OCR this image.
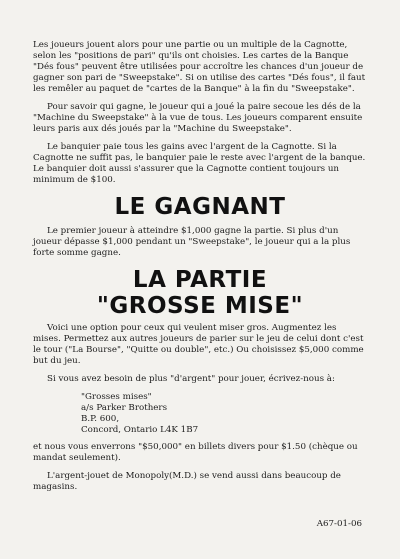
Les joueurs jouent alors pour une partie ou un multiple de la Cagnotte, selon les "positions de pari" qu'ils ont choisies. Les cartes de la Banque "Dés fous" peuvent être utilisées pour accroître les chances d'un joueur de gagner son pari de "Sweepstake". Si on utilise des cartes "Dés fous", il faut les remêler au paquet de "cartes de la Banque" à la fin du "Sweepstake".

Pour savoir qui gagne, le joueur qui a joué la paire secoue les dés de la "Machine du Sweepstake" à la vue de tous. Les joueurs comparent ensuite leurs paris aux dés joués par la "Machine du Sweepstake".

Le banquier paie tous les gains avec l'argent de la Cagnotte. Si la Cagnotte ne suffit pas, le banquier paie le reste avec l'argent de la banque. Le banquier doit aussi s'assurer que la Cagnotte contient toujours un minimum de $100.

LE GAGNANT

Le premier joueur à atteindre $1,000 gagne la partie. Si plus d'un joueur dépasse $1,000 pendant un "Sweepstake", le joueur qui a la plus forte somme gagne.

LA PARTIE
"GROSSE MISE"

Voici une option pour ceux qui veulent miser gros. Augmentez les mises. Permettez aux autres joueurs de parier sur le jeu de celui dont c'est le tour ("La Bourse", "Quitte ou double", etc.) Ou choisissez $5,000 comme but du jeu.

Si vous avez besoin de plus "d'argent" pour jouer, écrivez-nous à:

"Grosses mises"
a/s Parker Brothers
B.P. 600,
Concord, Ontario L4K 1B7

et nous vous enverrons "$50,000" en billets divers pour $1.50 (chèque ou mandat seulement).

L'argent-jouet de Monopoly(M.D.) se vend aussi dans beaucoup de magasins.

A67-01-06
